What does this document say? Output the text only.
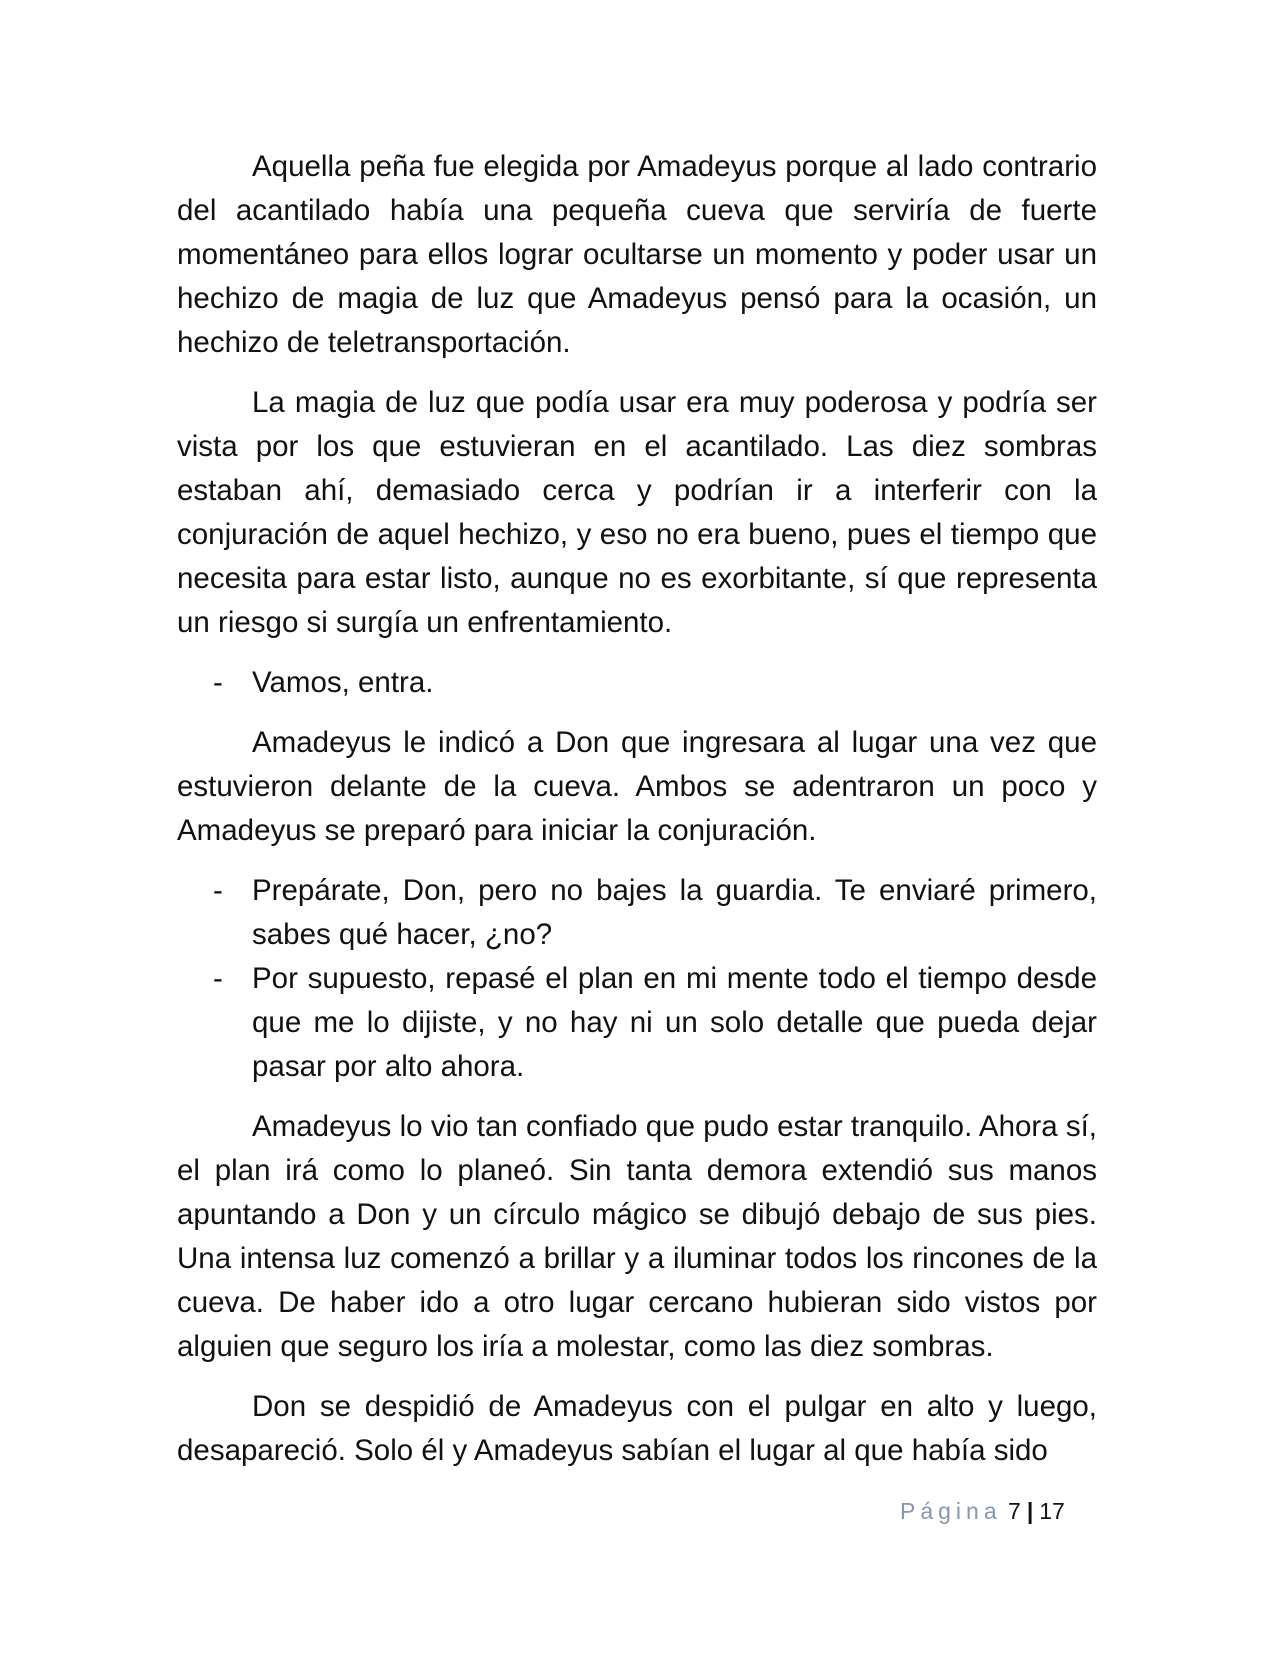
Aquella peña fue elegida por Amadeyus porque al lado contrario del acantilado había una pequeña cueva que serviría de fuerte momentáneo para ellos lograr ocultarse un momento y poder usar un hechizo de magia de luz que Amadeyus pensó para la ocasión, un hechizo de teletransportación.

La magia de luz que podía usar era muy poderosa y podría ser vista por los que estuvieran en el acantilado. Las diez sombras estaban ahí, demasiado cerca y podrían ir a interferir con la conjuración de aquel hechizo, y eso no era bueno, pues el tiempo que necesita para estar listo, aunque no es exorbitante, sí que representa un riesgo si surgía un enfrentamiento.

- Vamos, entra.

Amadeyus le indicó a Don que ingresara al lugar una vez que estuvieron delante de la cueva. Ambos se adentraron un poco y Amadeyus se preparó para iniciar la conjuración.

- Prepárate, Don, pero no bajes la guardia. Te enviaré primero, sabes qué hacer, ¿no?
- Por supuesto, repasé el plan en mi mente todo el tiempo desde que me lo dijiste, y no hay ni un solo detalle que pueda dejar pasar por alto ahora.

Amadeyus lo vio tan confiado que pudo estar tranquilo. Ahora sí, el plan irá como lo planeó. Sin tanta demora extendió sus manos apuntando a Don y un círculo mágico se dibujó debajo de sus pies. Una intensa luz comenzó a brillar y a iluminar todos los rincones de la cueva. De haber ido a otro lugar cercano hubieran sido vistos por alguien que seguro los iría a molestar, como las diez sombras.

Don se despidió de Amadeyus con el pulgar en alto y luego, desapareció. Solo él y Amadeyus sabían el lugar al que había sido

Página 7 | 17
